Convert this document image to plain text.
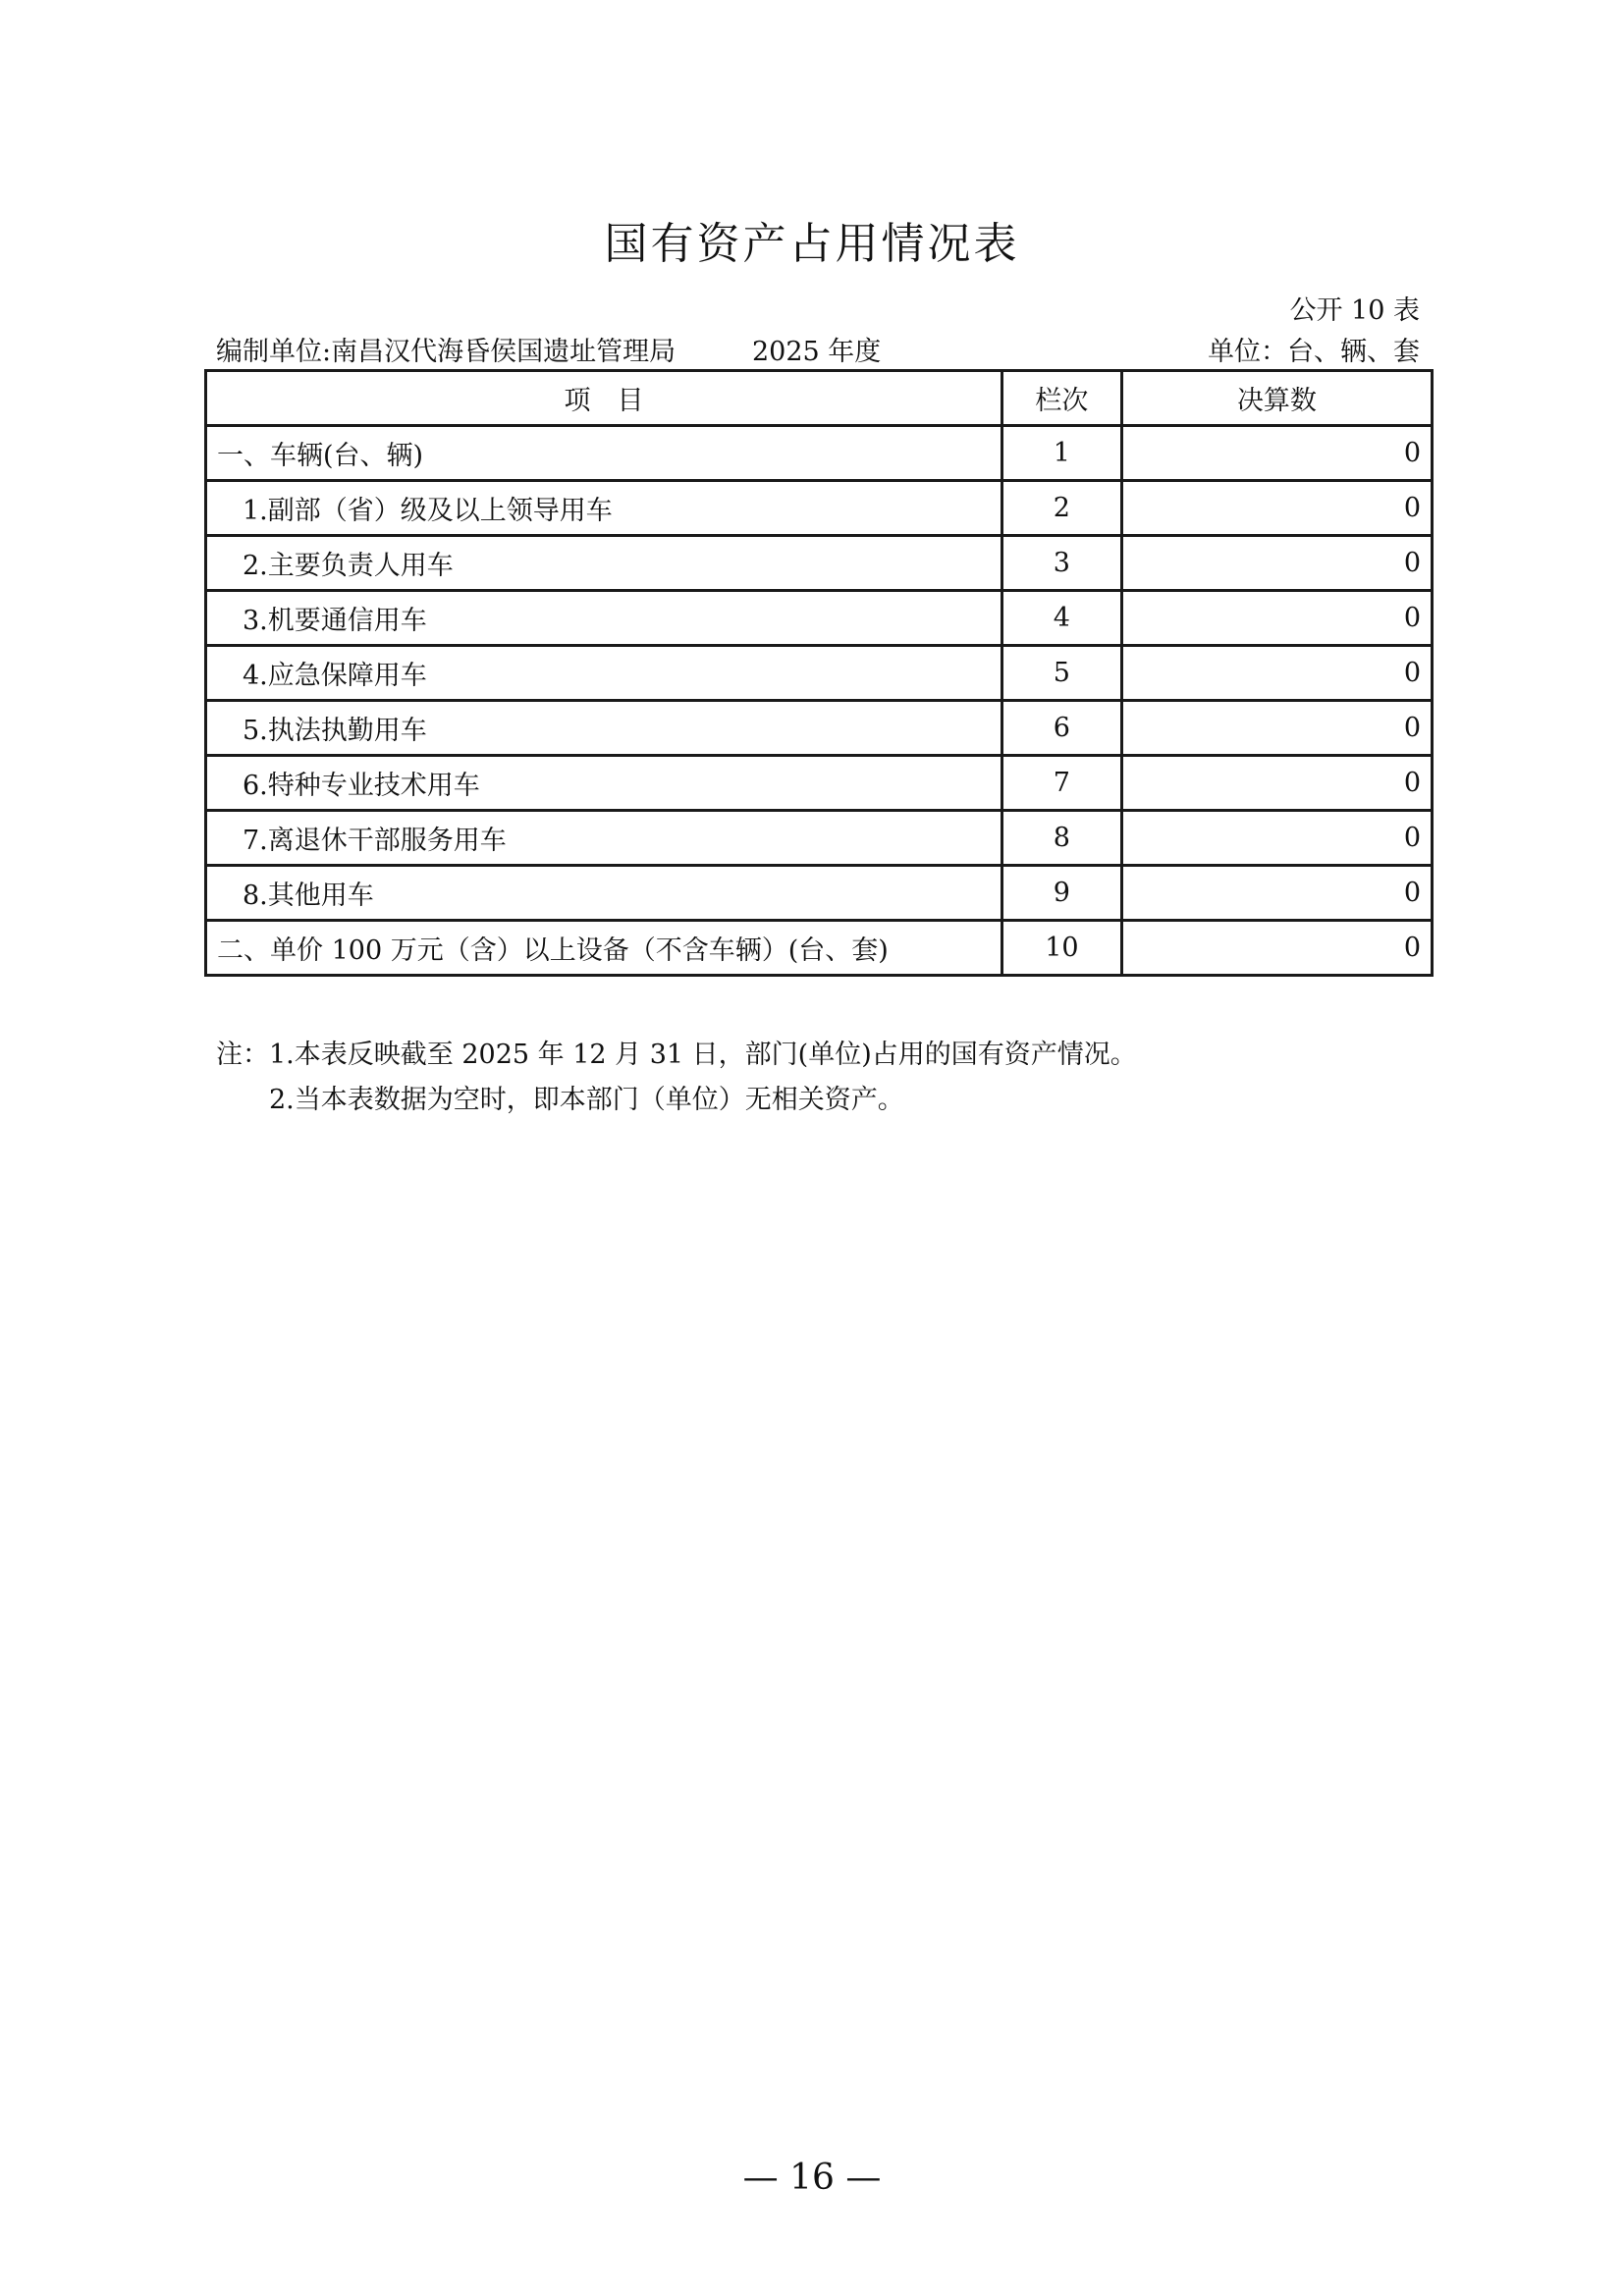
国有资产占用情况表
公开 10 表
编制单位:南昌汉代海昏侯国遗址管理局	2025 年度	单位：台、辆、套
项　目	栏次	决算数
一、车辆(台、辆)	1	0
1.副部（省）级及以上领导用车	2	0
2.主要负责人用车	3	0
3.机要通信用车	4	0
4.应急保障用车	5	0
5.执法执勤用车	6	0
6.特种专业技术用车	7	0
7.离退休干部服务用车	8	0
8.其他用车	9	0
二、单价 100 万元（含）以上设备（不含车辆）(台、套)	10	0
注：1.本表反映截至 2025 年 12 月 31 日，部门(单位)占用的国有资产情况。
2.当本表数据为空时，即本部门（单位）无相关资产。
— 16 —
